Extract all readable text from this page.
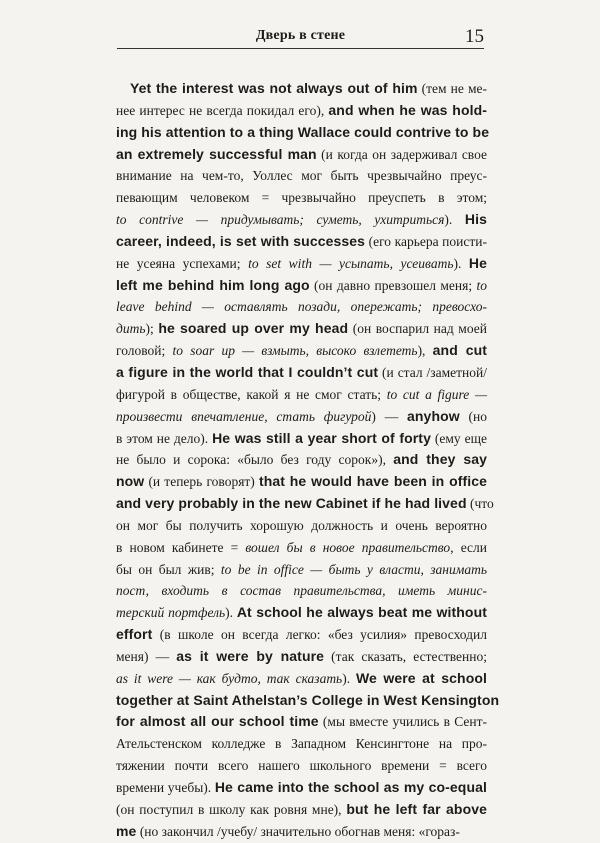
Дверь в стене	15
Yet the interest was not always out of him (тем не ме-
нее интерес не всегда покидал его), and when he was hold-
ing his attention to a thing Wallace could contrive to be
an extremely successful man (и когда он задерживал свое
внимание на чем-то, Уоллес мог быть чрезвычайно преус-
певающим человеком = чрезвычайно преуспеть в этом;
to contrive — придумывать; суметь, ухитриться). His
career, indeed, is set with successes (его карьера поисти-
не усеяна успехами; to set with — усыпать, усеивать). He
left me behind him long ago (он давно превзошел меня; to
leave behind — оставлять позади, опережать; превосхо-
дить); he soared up over my head (он воспарил над моей
головой; to soar up — взмыть, высоко взлететь), and cut
a figure in the world that I couldn’t cut (и стал /заметной/
фигурой в обществе, какой я не смог стать; to cut a figure —
произвести впечатление, стать фигурой) — anyhow (но
в этом не дело). He was still a year short of forty (ему еще
не было и сорока: «было без году сорок»), and they say
now (и теперь говорят) that he would have been in office
and very probably in the new Cabinet if he had lived (что
он мог бы получить хорошую должность и очень вероятно
в новом кабинете = вошел бы в новое правительство, если
бы он был жив; to be in office — быть у власти, занимать
пост, входить в состав правительства, иметь минис-
терский портфель). At school he always beat me without
effort (в школе он всегда легко: «без усилия» превосходил
меня) — as it were by nature (так сказать, естественно;
as it were — как будто, так сказать). We were at school
together at Saint Athelstan’s College in West Kensington
for almost all our school time (мы вместе учились в Сент-
Ательстенском колледже в Западном Кенсингтоне на про-
тяжении почти всего нашего школьного времени = всего
времени учебы). He came into the school as my co-equal
(он поступил в школу как ровня мне), but he left far above
me (но закончил /учебу/ значительно обогнав меня: «гораз-
